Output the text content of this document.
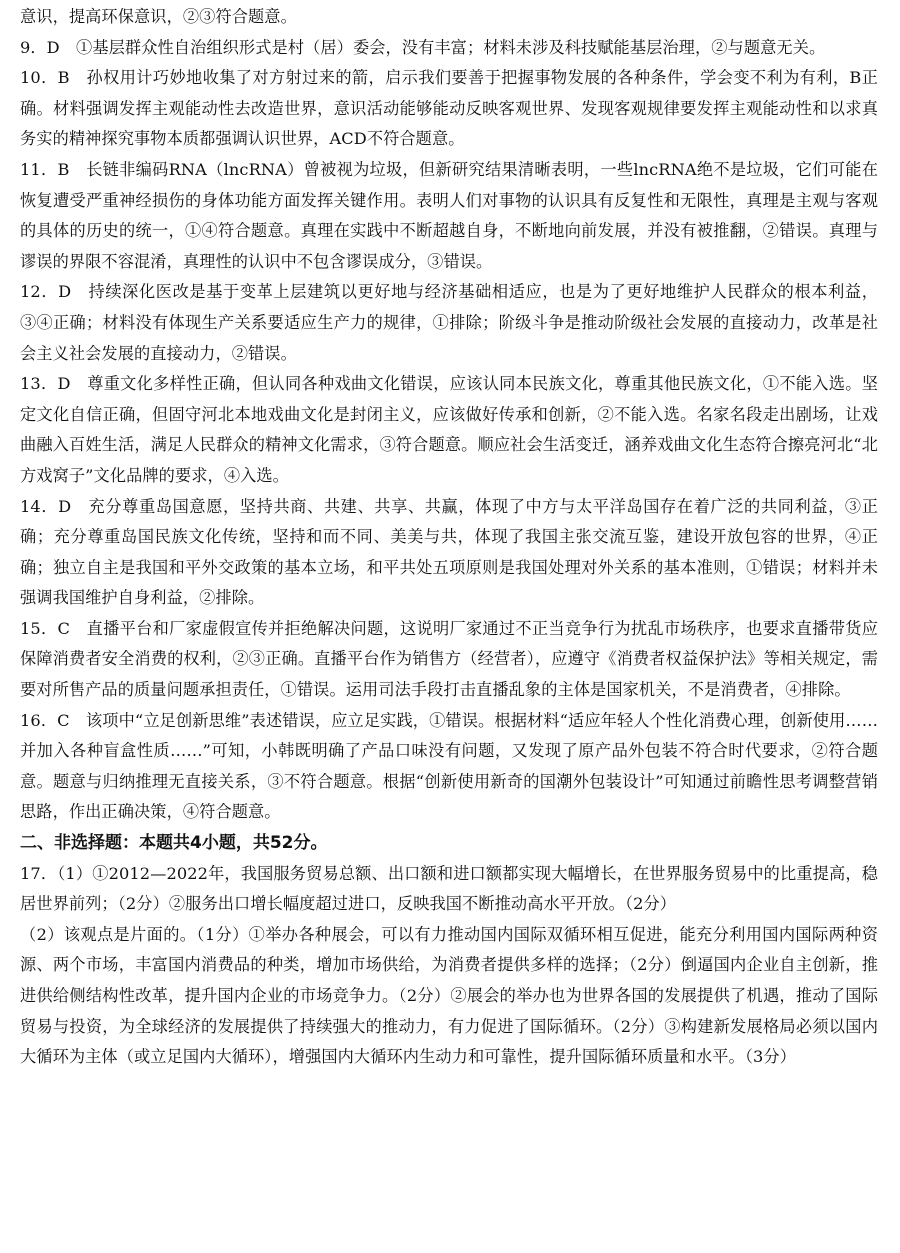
意识，提高环保意识，②③符合题意。

9．D　①基层群众性自治组织形式是村（居）委会，没有丰富；材料未涉及科技赋能基层治理，②与题意无关。

10．B　孙权用计巧妙地收集了对方射过来的箭，启示我们要善于把握事物发展的各种条件，学会变不利为有利，B正确。材料强调发挥主观能动性去改造世界，意识活动能够能动反映客观世界、发现客观规律要发挥主观能动性和以求真务实的精神探究事物本质都强调认识世界，ACD不符合题意。

11．B　长链非编码RNA（lncRNA）曾被视为垃圾，但新研究结果清晰表明，一些lncRNA绝不是垃圾，它们可能在恢复遭受严重神经损伤的身体功能方面发挥关键作用。表明人们对事物的认识具有反复性和无限性，真理是主观与客观的具体的历史的统一，①④符合题意。真理在实践中不断超越自身，不断地向前发展，并没有被推翻，②错误。真理与谬误的界限不容混淆，真理性的认识中不包含谬误成分，③错误。

12．D　持续深化医改是基于变革上层建筑以更好地与经济基础相适应，也是为了更好地维护人民群众的根本利益，③④正确；材料没有体现生产关系要适应生产力的规律，①排除；阶级斗争是推动阶级社会发展的直接动力，改革是社会主义社会发展的直接动力，②错误。

13．D　尊重文化多样性正确，但认同各种戏曲文化错误，应该认同本民族文化，尊重其他民族文化，①不能入选。坚定文化自信正确，但固守河北本地戏曲文化是封闭主义，应该做好传承和创新，②不能入选。名家名段走出剧场，让戏曲融入百姓生活，满足人民群众的精神文化需求，③符合题意。顺应社会生活变迁，涵养戏曲文化生态符合擦亮河北“北方戏窝子”文化品牌的要求，④入选。

14．D　充分尊重岛国意愿，坚持共商、共建、共享、共赢，体现了中方与太平洋岛国存在着广泛的共同利益，③正确；充分尊重岛国民族文化传统，坚持和而不同、美美与共，体现了我国主张交流互鉴，建设开放包容的世界，④正确；独立自主是我国和平外交政策的基本立场，和平共处五项原则是我国处理对外关系的基本准则，①错误；材料并未强调我国维护自身利益，②排除。

15．C　直播平台和厂家虚假宣传并拒绝解决问题，这说明厂家通过不正当竞争行为扰乱市场秩序，也要求直播带货应保障消费者安全消费的权利，②③正确。直播平台作为销售方（经营者），应遵守《消费者权益保护法》等相关规定，需要对所售产品的质量问题承担责任，①错误。运用司法手段打击直播乱象的主体是国家机关，不是消费者，④排除。

16．C　该项中“立足创新思维”表述错误，应立足实践，①错误。根据材料“适应年轻人个性化消费心理，创新使用……并加入各种盲盒性质……”可知，小韩既明确了产品口味没有问题，又发现了原产品外包装不符合时代要求，②符合题意。题意与归纳推理无直接关系，③不符合题意。根据“创新使用新奇的国潮外包装设计”可知通过前瞻性思考调整营销思路，作出正确决策，④符合题意。

二、非选择题：本题共4小题，共52分。

17．（1）①2012—2022年，我国服务贸易总额、出口额和进口额都实现大幅增长，在世界服务贸易中的比重提高，稳居世界前列；（2分）②服务出口增长幅度超过进口，反映我国不断推动高水平开放。（2分）

（2）该观点是片面的。（1分）①举办各种展会，可以有力推动国内国际双循环相互促进，能充分利用国内国际两种资源、两个市场，丰富国内消费品的种类，增加市场供给，为消费者提供多样的选择；（2分）倒逼国内企业自主创新，推进供给侧结构性改革，提升国内企业的市场竞争力。（2分）②展会的举办也为世界各国的发展提供了机遇，推动了国际贸易与投资，为全球经济的发展提供了持续强大的推动力，有力促进了国际循环。（2分）③构建新发展格局必须以国内大循环为主体（或立足国内大循环），增强国内大循环内生动力和可靠性，提升国际循环质量和水平。（3分）
